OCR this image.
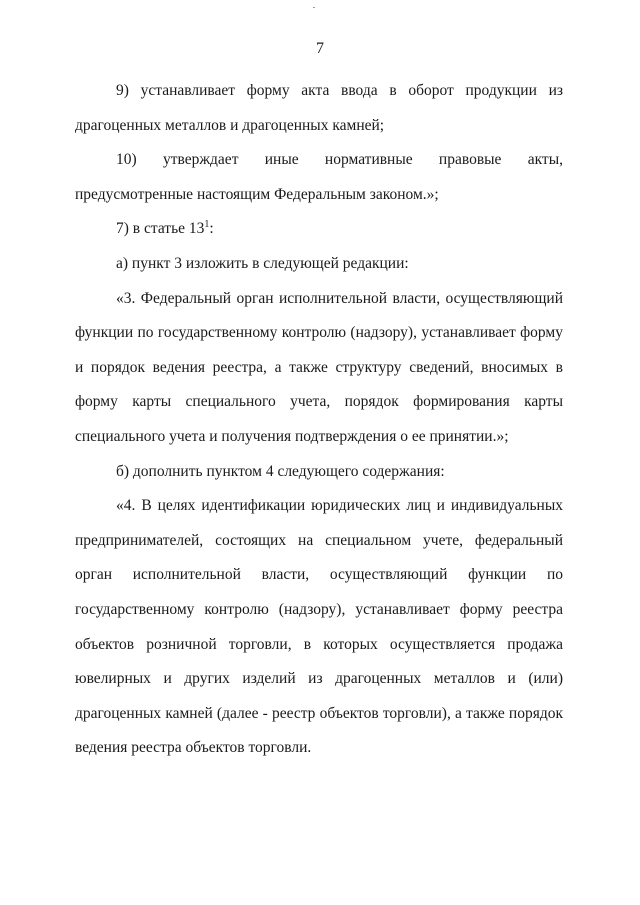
7

9) устанавливает форму акта ввода в оборот продукции из драгоценных металлов и драгоценных камней;

10) утверждает иные нормативные правовые акты, предусмотренные настоящим Федеральным законом.»;

7) в статье $13^1$:

а) пункт 3 изложить в следующей редакции:

«3. Федеральный орган исполнительной власти, осуществляющий функции по государственному контролю (надзору), устанавливает форму и порядок ведения реестра, а также структуру сведений, вносимых в форму карты специального учета, порядок формирования карты специального учета и получения подтверждения о ее принятии.»;

б) дополнить пунктом 4 следующего содержания:

«4. В целях идентификации юридических лиц и индивидуальных предпринимателей, состоящих на специальном учете, федеральный орган исполнительной власти, осуществляющий функции по государственному контролю (надзору), устанавливает форму реестра объектов розничной торговли, в которых осуществляется продажа ювелирных и других изделий из драгоценных металлов и (или) драгоценных камней (далее - реестр объектов торговли), а также порядок ведения реестра объектов торговли.
